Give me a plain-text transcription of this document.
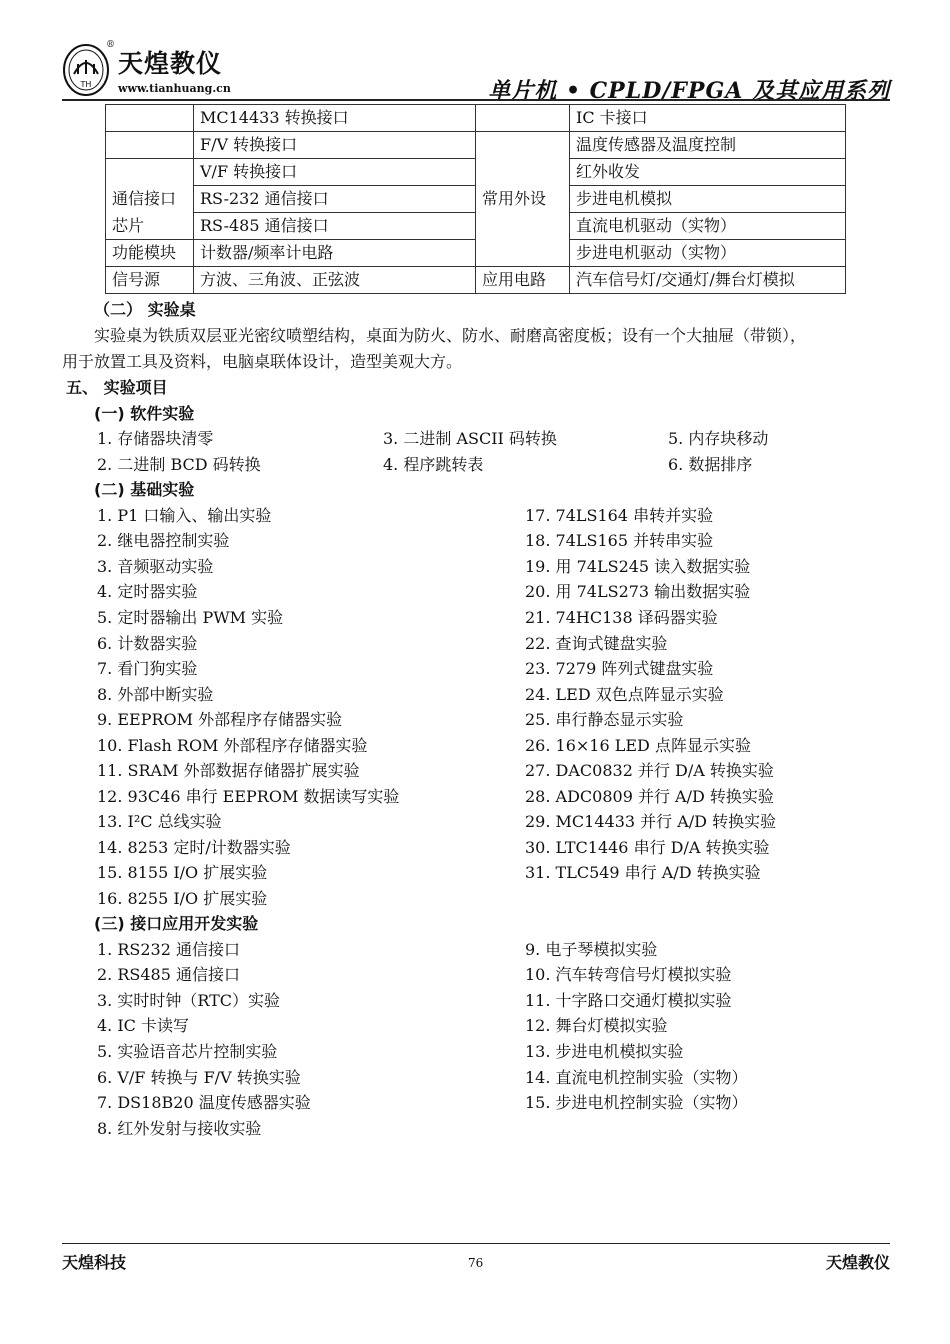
TH
®
天煌教仪
www.tianhuang.cn	单片机 • CPLD/FPGA 及其应用系列
	MC14433 转换接口		IC 卡接口
	F/V 转换接口		温度传感器及温度控制
	V/F 转换接口		红外收发
通信接口	RS-232 通信接口	常用外设	步进电机模拟
芯片	RS-485 通信接口		直流电机驱动（实物）
功能模块	计数器/频率计电路		步进电机驱动（实物）
信号源	方波、三角波、正弦波	应用电路	汽车信号灯/交通灯/舞台灯模拟
（二） 实验桌
实验桌为铁质双层亚光密纹喷塑结构，桌面为防火、防水、耐磨高密度板；设有一个大抽屉（带锁），
用于放置工具及资料，电脑桌联体设计，造型美观大方。
五、 实验项目
(一) 软件实验
1. 存储器块清零	3. 二进制 ASCII 码转换	5. 内存块移动
2. 二进制 BCD 码转换	4. 程序跳转表	6. 数据排序
(二) 基础实验
1. P1 口输入、输出实验
2. 继电器控制实验
3. 音频驱动实验
4. 定时器实验
5. 定时器输出 PWM 实验
6. 计数器实验
7. 看门狗实验
8. 外部中断实验
9. EEPROM 外部程序存储器实验
10. Flash ROM 外部程序存储器实验
11. SRAM 外部数据存储器扩展实验
12. 93C46 串行 EEPROM 数据读写实验
13. I²C 总线实验
14. 8253 定时/计数器实验
15. 8155 I/O 扩展实验
16. 8255 I/O 扩展实验
17. 74LS164 串转并实验
18. 74LS165 并转串实验
19. 用 74LS245 读入数据实验
20. 用 74LS273 输出数据实验
21. 74HC138 译码器实验
22. 查询式键盘实验
23. 7279 阵列式键盘实验
24. LED 双色点阵显示实验
25. 串行静态显示实验
26. 16×16 LED 点阵显示实验
27. DAC0832 并行 D/A 转换实验
28. ADC0809 并行 A/D 转换实验
29. MC14433 并行 A/D 转换实验
30. LTC1446 串行 D/A 转换实验
31. TLC549 串行 A/D 转换实验
(三) 接口应用开发实验
1. RS232 通信接口
2. RS485 通信接口
3. 实时时钟（RTC）实验
4. IC 卡读写
5. 实验语音芯片控制实验
6. V/F 转换与 F/V 转换实验
7. DS18B20 温度传感器实验
8. 红外发射与接收实验
9. 电子琴模拟实验
10. 汽车转弯信号灯模拟实验
11. 十字路口交通灯模拟实验
12. 舞台灯模拟实验
13. 步进电机模拟实验
14. 直流电机控制实验（实物）
15. 步进电机控制实验（实物）
天煌科技	76	天煌教仪
